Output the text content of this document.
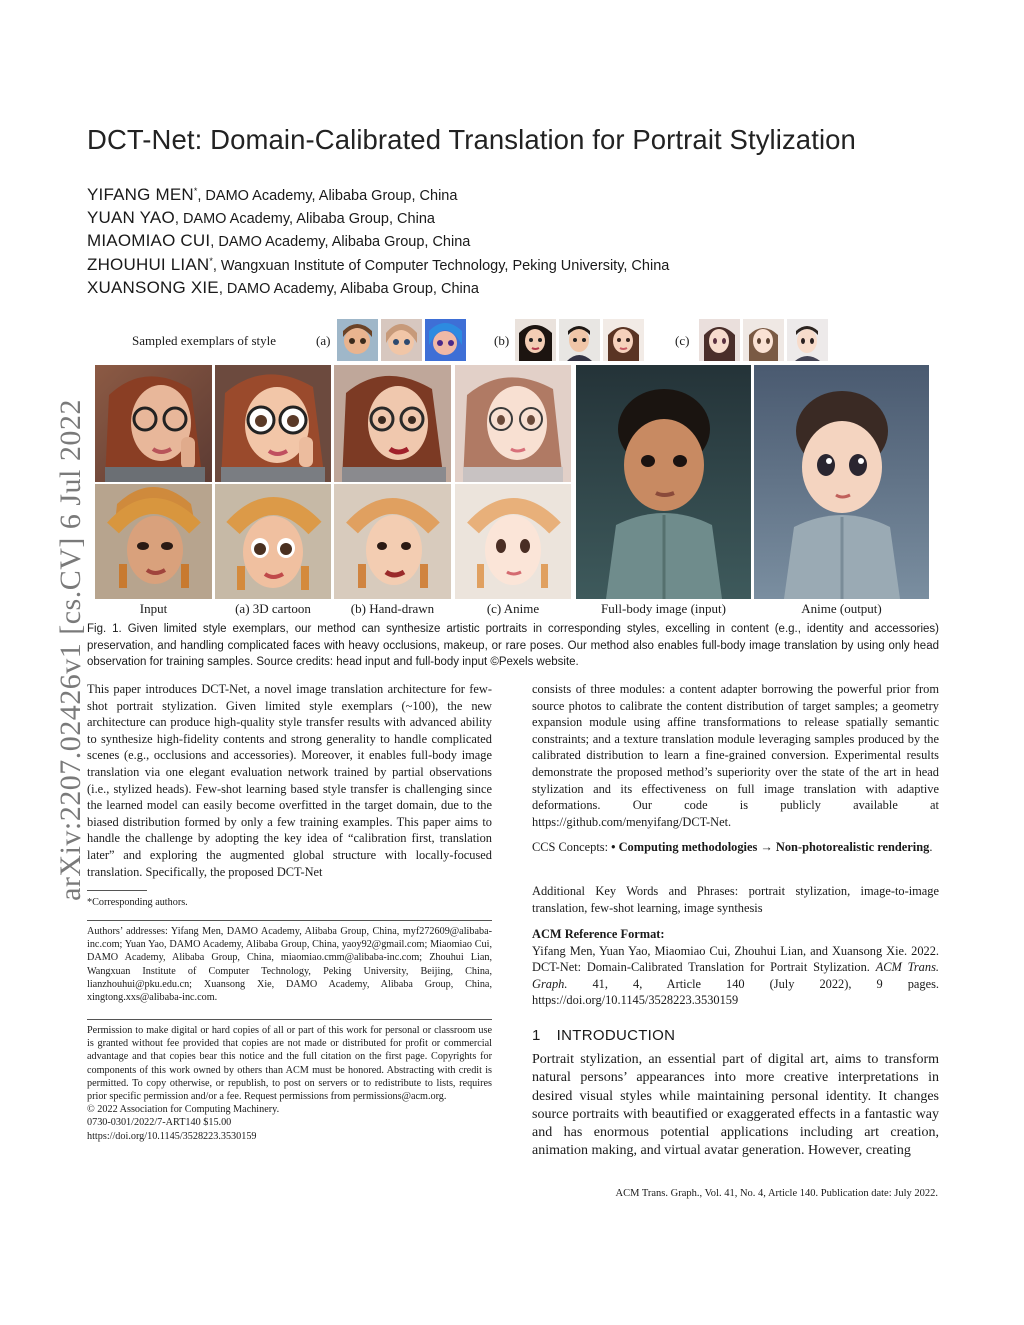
arXiv:2207.02426v1 [cs.CV] 6 Jul 2022
DCT-Net: Domain-Calibrated Translation for Portrait Stylization
YIFANG MEN*, DAMO Academy, Alibaba Group, China
YUAN YAO, DAMO Academy, Alibaba Group, China
MIAOMIAO CUI, DAMO Academy, Alibaba Group, China
ZHOUHUI LIAN*, Wangxuan Institute of Computer Technology, Peking University, China
XUANSONG XIE, DAMO Academy, Alibaba Group, China
Sampled exemplars of style	(a)	(b)	(c)
Input	(a) 3D cartoon	(b) Hand-drawn	(c) Anime	Full-body image (input)	Anime (output)
Fig. 1. Given limited style exemplars, our method can synthesize artistic portraits in corresponding styles, excelling in content (e.g., identity and accessories) preservation, and handling complicated faces with heavy occlusions, makeup, or rare poses. Our method also enables full-body image translation by using only head observation for training samples. Source credits: head input and full-body input ©Pexels website.
This paper introduces DCT-Net, a novel image translation architecture for few-shot portrait stylization. Given limited style exemplars (~100), the new architecture can produce high-quality style transfer results with advanced ability to synthesize high-fidelity contents and strong generality to handle complicated scenes (e.g., occlusions and accessories). Moreover, it enables full-body image translation via one elegant evaluation network trained by partial observations (i.e., stylized heads). Few-shot learning based style transfer is challenging since the learned model can easily become overfitted in the target domain, due to the biased distribution formed by only a few training examples. This paper aims to handle the challenge by adopting the key idea of “calibration first, translation later” and exploring the augmented global structure with locally-focused translation. Specifically, the proposed DCT-Net
*Corresponding authors.
Authors’ addresses: Yifang Men, DAMO Academy, Alibaba Group, China, myf272609@alibaba-inc.com; Yuan Yao, DAMO Academy, Alibaba Group, China, yaoy92@gmail.com; Miaomiao Cui, DAMO Academy, Alibaba Group, China, miaomiao.cmm@alibaba-inc.com; Zhouhui Lian, Wangxuan Institute of Computer Technology, Peking University, Beijing, China, lianzhouhui@pku.edu.cn; Xuansong Xie, DAMO Academy, Alibaba Group, China, xingtong.xxs@alibaba-inc.com.

Permission to make digital or hard copies of all or part of this work for personal or classroom use is granted without fee provided that copies are not made or distributed for profit or commercial advantage and that copies bear this notice and the full citation on the first page. Copyrights for components of this work owned by others than ACM must be honored. Abstracting with credit is permitted. To copy otherwise, or republish, to post on servers or to redistribute to lists, requires prior specific permission and/or a fee. Request permissions from permissions@acm.org.

© 2022 Association for Computing Machinery.

0730-0301/2022/7-ART140 $15.00

https://doi.org/10.1145/3528223.3530159

consists of three modules: a content adapter borrowing the powerful prior from source photos to calibrate the content distribution of target samples; a geometry expansion module using affine transformations to release spatially semantic constraints; and a texture translation module leveraging samples produced by the calibrated distribution to learn a fine-grained conversion. Experimental results demonstrate the proposed method’s superiority over the state of the art in head stylization and its effectiveness on full image translation with adaptive deformations. Our code is publicly available at https://github.com/menyifang/DCT-Net.
CCS Concepts: • Computing methodologies → Non-photorealistic rendering.
Additional Key Words and Phrases: portrait stylization, image-to-image translation, few-shot learning, image synthesis

ACM Reference Format:

Yifang Men, Yuan Yao, Miaomiao Cui, Zhouhui Lian, and Xuansong Xie. 2022. DCT-Net: Domain-Calibrated Translation for Portrait Stylization. ACM Trans. Graph. 41, 4, Article 140 (July 2022), 9 pages. https://doi.org/10.1145/3528223.3530159

1 INTRODUCTION
Portrait stylization, an essential part of digital art, aims to transform natural persons’ appearances into more creative interpretations in desired visual styles while maintaining personal identity. It changes source portraits with beautified or exaggerated effects in a fantastic way and has enormous potential applications including art creation, animation making, and virtual avatar generation. However, creating
ACM Trans. Graph., Vol. 41, No. 4, Article 140. Publication date: July 2022.
